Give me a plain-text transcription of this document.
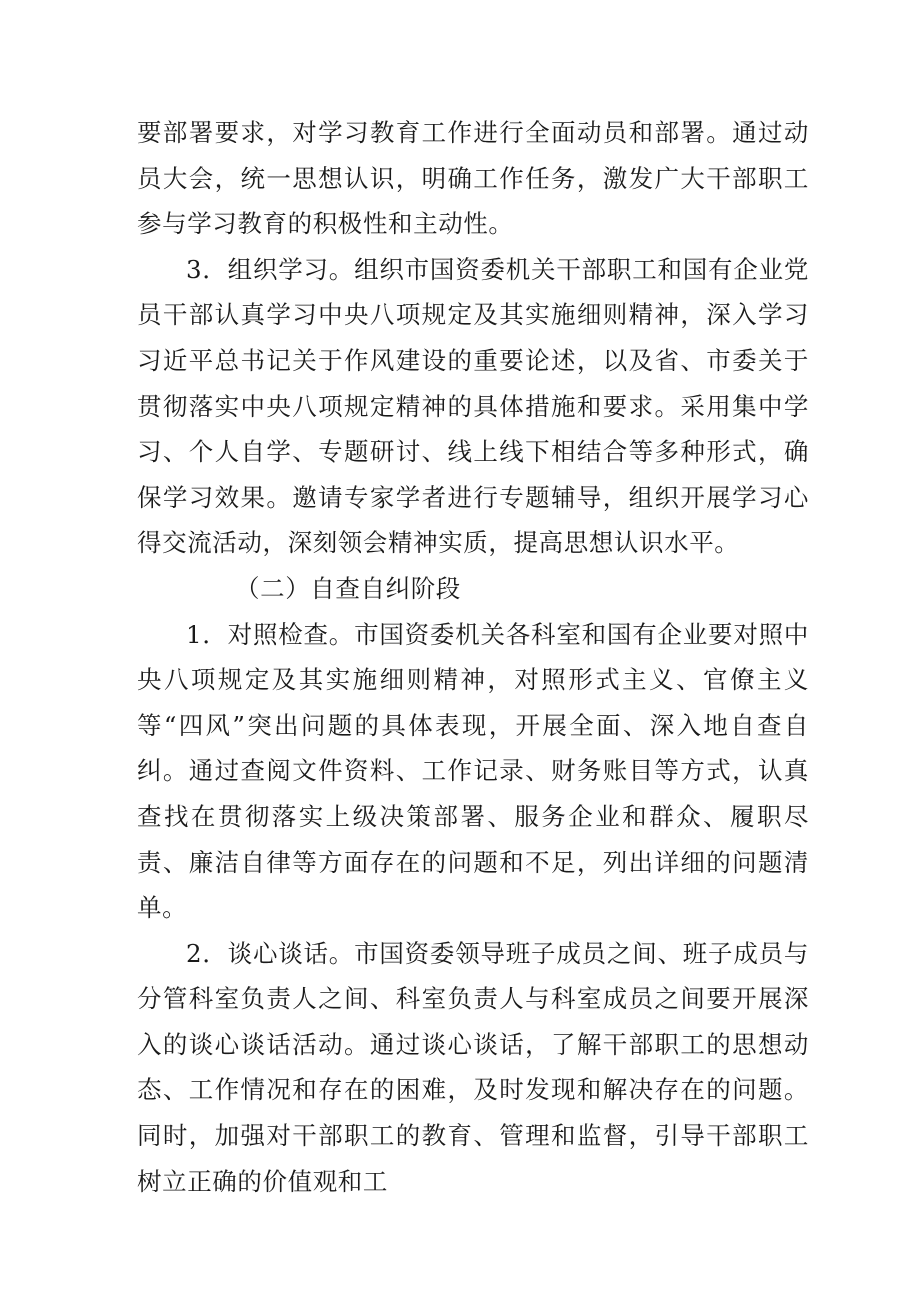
要部署要求，对学习教育工作进行全面动员和部署。通过动员大会，统一思想认识，明确工作任务，激发广大干部职工参与学习教育的积极性和主动性。

3．组织学习。组织市国资委机关干部职工和国有企业党员干部认真学习中央八项规定及其实施细则精神，深入学习习近平总书记关于作风建设的重要论述，以及省、市委关于贯彻落实中央八项规定精神的具体措施和要求。采用集中学习、个人自学、专题研讨、线上线下相结合等多种形式，确保学习效果。邀请专家学者进行专题辅导，组织开展学习心得交流活动，深刻领会精神实质，提高思想认识水平。

（二）自查自纠阶段

1．对照检查。市国资委机关各科室和国有企业要对照中央八项规定及其实施细则精神，对照形式主义、官僚主义等“四风”突出问题的具体表现，开展全面、深入地自查自纠。通过查阅文件资料、工作记录、财务账目等方式，认真查找在贯彻落实上级决策部署、服务企业和群众、履职尽责、廉洁自律等方面存在的问题和不足，列出详细的问题清单。

2．谈心谈话。市国资委领导班子成员之间、班子成员与分管科室负责人之间、科室负责人与科室成员之间要开展深入的谈心谈话活动。通过谈心谈话，了解干部职工的思想动态、工作情况和存在的困难，及时发现和解决存在的问题。同时，加强对干部职工的教育、管理和监督，引导干部职工树立正确的价值观和工
